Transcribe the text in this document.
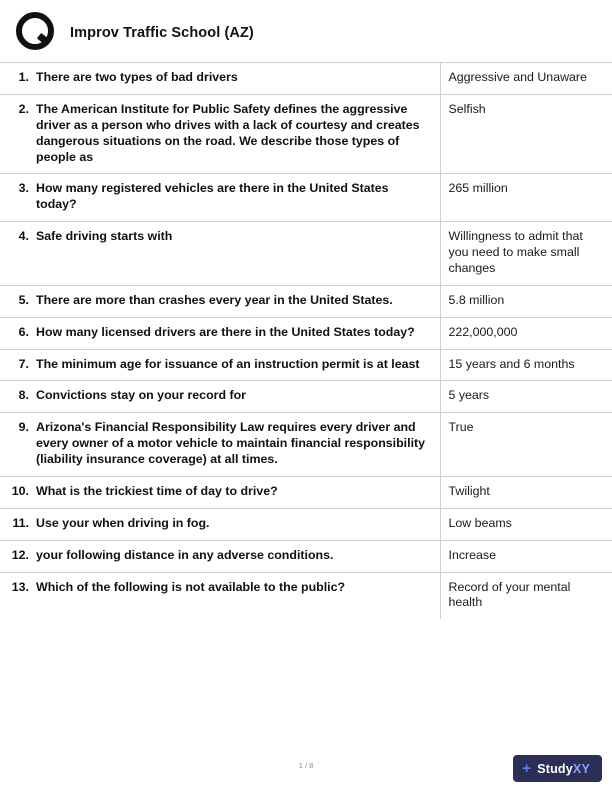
Improv Traffic School (AZ)
1.	There are two types of bad drivers	Aggressive and Unaware
2.	The American Institute for Public Safety defines the aggressive driver as a person who drives with a lack of courtesy and creates dangerous situations on the road. We describe those types of people as	Selfish
3.	How many registered vehicles are there in the United States today?	265 million
4.	Safe driving starts with	Willingness to admit that you need to make small changes
5.	There are more than crashes every year in the United States.	5.8 million
6.	How many licensed drivers are there in the United States today?	222,000,000
7.	The minimum age for issuance of an instruction permit is at least	15 years and 6 months
8.	Convictions stay on your record for	5 years
9.	Arizona's Financial Responsibility Law requires every driver and every owner of a motor vehicle to maintain financial responsibility (liability insurance coverage) at all times.	True
10.	What is the trickiest time of day to drive?	Twilight
11.	Use your when driving in fog.	Low beams
12.	your following distance in any adverse conditions.	Increase
13.	Which of the following is not available to the public?	Record of your mental health
1 / 8	+ StudyXY
